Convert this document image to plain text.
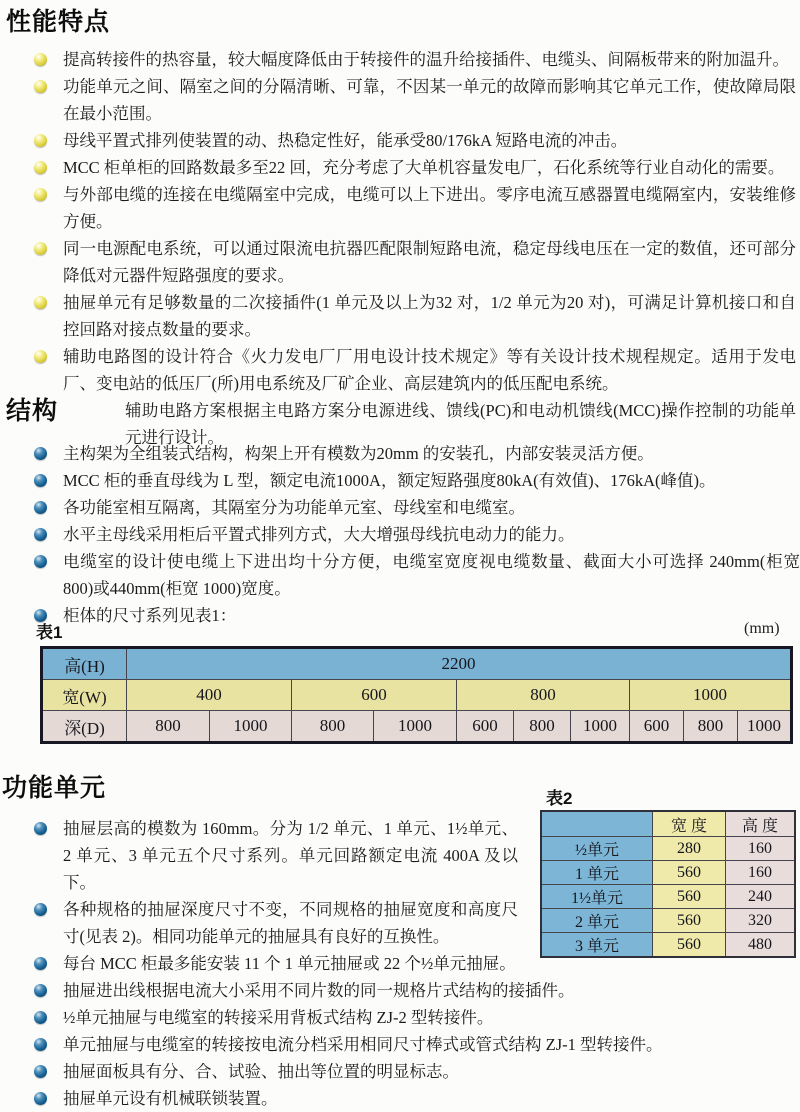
性能特点
提高转接件的热容量，较大幅度降低由于转接件的温升给接插件、电缆头、间隔板带来的附加温升。
功能单元之间、隔室之间的分隔清晰、可靠，不因某一单元的故障而影响其它单元工作，使故障局限在最小范围。
母线平置式排列使装置的动、热稳定性好，能承受80/176kA 短路电流的冲击。
MCC 柜单柜的回路数最多至22 回，充分考虑了大单机容量发电厂，石化系统等行业自动化的需要。
与外部电缆的连接在电缆隔室中完成，电缆可以上下进出。零序电流互感器置电缆隔室内，安装维修方便。
同一电源配电系统，可以通过限流电抗器匹配限制短路电流，稳定母线电压在一定的数值，还可部分降低对元器件短路强度的要求。
抽屉单元有足够数量的二次接插件(1 单元及以上为32 对，1/2 单元为20 对)，可满足计算机接口和自控回路对接点数量的要求。
辅助电路图的设计符合《火力发电厂厂用电设计技术规定》等有关设计技术规程规定。适用于发电厂、变电站的低压厂(所)用电系统及厂矿企业、高层建筑内的低压配电系统。
辅助电路方案根据主电路方案分电源进线、馈线(PC)和电动机馈线(MCC)操作控制的功能单元进行设计。
结构
主构架为全组装式结构，构架上开有模数为20mm 的安装孔，内部安装灵活方便。
MCC 柜的垂直母线为 L 型，额定电流1000A，额定短路强度80kA(有效值)、176kA(峰值)。
各功能室相互隔离，其隔室分为功能单元室、母线室和电缆室。
水平主母线采用柜后平置式排列方式，大大增强母线抗电动力的能力。
电缆室的设计使电缆上下进出均十分方便，电缆室宽度视电缆数量、截面大小可选择 240mm(柜宽 800)或440mm(柜宽 1000)宽度。
柜体的尺寸系列见表1：
表1	(mm)
高(H)	2200									
宽(W)	400		600		800			1000		
深(D)	800	1000	800	1000	600	800	1000	600	800	1000
功能单元
抽屉层高的模数为 160mm。分为 1/2 单元、1 单元、1½单元、2 单元、3 单元五个尺寸系列。单元回路额定电流 400A 及以下。
各种规格的抽屉深度尺寸不变，不同规格的抽屉宽度和高度尺寸(见表 2)。相同功能单元的抽屉具有良好的互换性。
每台 MCC 柜最多能安装 11 个 1 单元抽屉或 22 个½单元抽屉。
抽屉进出线根据电流大小采用不同片数的同一规格片式结构的接插件。
½单元抽屉与电缆室的转接采用背板式结构 ZJ-2 型转接件。
单元抽屉与电缆室的转接按电流分档采用相同尺寸棒式或管式结构 ZJ-1 型转接件。
抽屉面板具有分、合、试验、抽出等位置的明显标志。
抽屉单元设有机械联锁装置。
表2
	宽 度	高 度
½单元	280	160
1 单元	560	160
1½单元	560	240
2 单元	560	320
3 单元	560	480
